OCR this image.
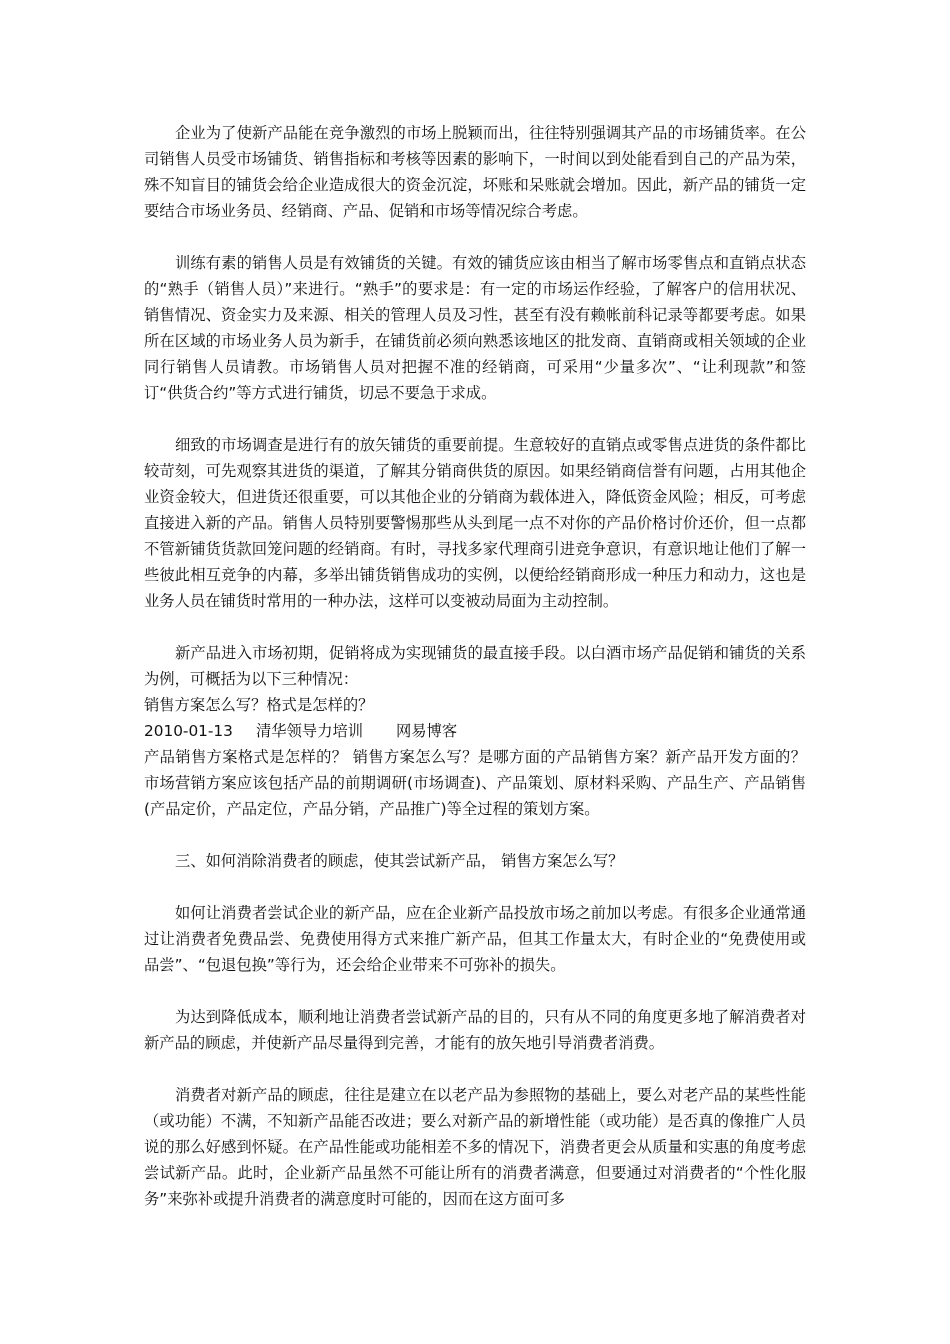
企业为了使新产品能在竞争激烈的市场上脱颖而出，往往特别强调其产品的市场铺货率。在公司销售人员受市场铺货、销售指标和考核等因素的影响下，一时间以到处能看到自己的产品为荣，殊不知盲目的铺货会给企业造成很大的资金沉淀，坏账和呆账就会增加。因此，新产品的铺货一定要结合市场业务员、经销商、产品、促销和市场等情况综合考虑。

训练有素的销售人员是有效铺货的关键。有效的铺货应该由相当了解市场零售点和直销点状态的“熟手（销售人员）”来进行。“熟手”的要求是：有一定的市场运作经验，了解客户的信用状况、销售情况、资金实力及来源、相关的管理人员及习性，甚至有没有赖帐前科记录等都要考虑。如果所在区域的市场业务人员为新手，在铺货前必须向熟悉该地区的批发商、直销商或相关领域的企业同行销售人员请教。市场销售人员对把握不准的经销商，可采用“少量多次”、“让利现款”和签订“供货合约”等方式进行铺货，切忌不要急于求成。

细致的市场调查是进行有的放矢铺货的重要前提。生意较好的直销点或零售点进货的条件都比较苛刻，可先观察其进货的渠道，了解其分销商供货的原因。如果经销商信誉有问题，占用其他企业资金较大，但进货还很重要，可以其他企业的分销商为载体进入，降低资金风险；相反，可考虑直接进入新的产品。销售人员特别要警惕那些从头到尾一点不对你的产品价格讨价还价，但一点都不管新铺货货款回笼问题的经销商。有时，寻找多家代理商引进竞争意识，有意识地让他们了解一些彼此相互竞争的内幕，多举出铺货销售成功的实例，以便给经销商形成一种压力和动力，这也是业务人员在铺货时常用的一种办法，这样可以变被动局面为主动控制。

新产品进入市场初期，促销将成为实现铺货的最直接手段。以白酒市场产品促销和铺货的关系为例，可概括为以下三种情况：

销售方案怎么写？格式是怎样的？

2010-01-13 清华领导力培训 网易博客

产品销售方案格式是怎样的？ 销售方案怎么写？是哪方面的产品销售方案？新产品开发方面的？市场营销方案应该包括产品的前期调研(市场调查)、产品策划、原材料采购、产品生产、产品销售(产品定价，产品定位，产品分销，产品推广)等全过程的策划方案。

三、如何消除消费者的顾虑，使其尝试新产品， 销售方案怎么写？

如何让消费者尝试企业的新产品，应在企业新产品投放市场之前加以考虑。有很多企业通常通过让消费者免费品尝、免费使用得方式来推广新产品，但其工作量太大，有时企业的“免费使用或品尝”、“包退包换”等行为，还会给企业带来不可弥补的损失。

为达到降低成本，顺利地让消费者尝试新产品的目的，只有从不同的角度更多地了解消费者对新产品的顾虑，并使新产品尽量得到完善，才能有的放矢地引导消费者消费。

消费者对新产品的顾虑，往往是建立在以老产品为参照物的基础上，要么对老产品的某些性能（或功能）不满，不知新产品能否改进；要么对新产品的新增性能（或功能）是否真的像推广人员说的那么好感到怀疑。在产品性能或功能相差不多的情况下，消费者更会从质量和实惠的角度考虑尝试新产品。此时，企业新产品虽然不可能让所有的消费者满意，但要通过对消费者的“个性化服务”来弥补或提升消费者的满意度时可能的，因而在这方面可多
